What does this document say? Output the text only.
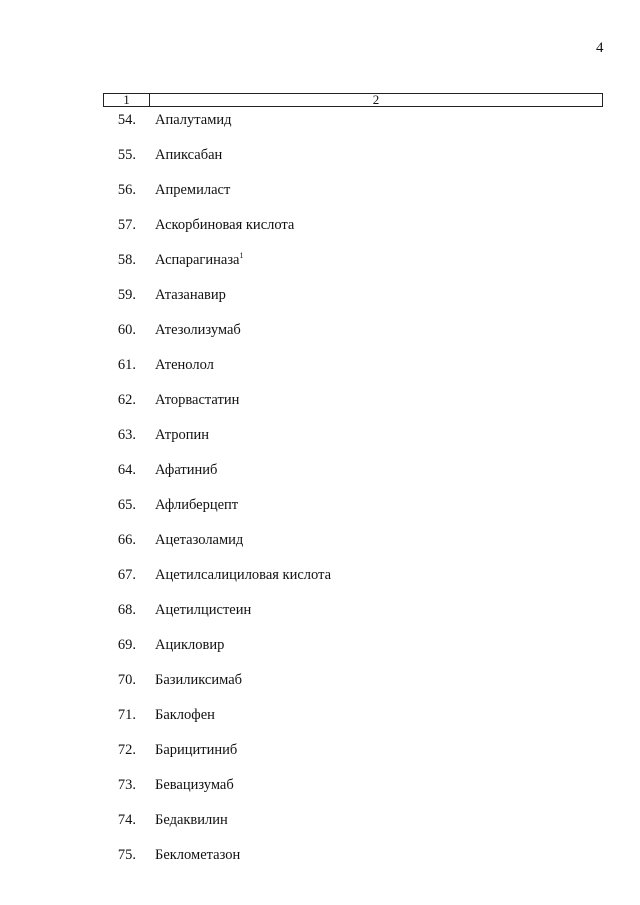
4
1	2
54. Апалутамид
55. Апиксабан
56. Апремиласт
57. Аскорбиновая кислота
58. Аспарагиназа$^1$
59. Атазанавир
60. Атезолизумаб
61. Атенолол
62. Аторвастатин
63. Атропин
64. Афатиниб
65. Афлиберцепт
66. Ацетазоламид
67. Ацетилсалициловая кислота
68. Ацетилцистеин
69. Ацикловир
70. Базиликсимаб
71. Баклофен
72. Барицитиниб
73. Бевацизумаб
74. Бедаквилин
75. Беклометазон
